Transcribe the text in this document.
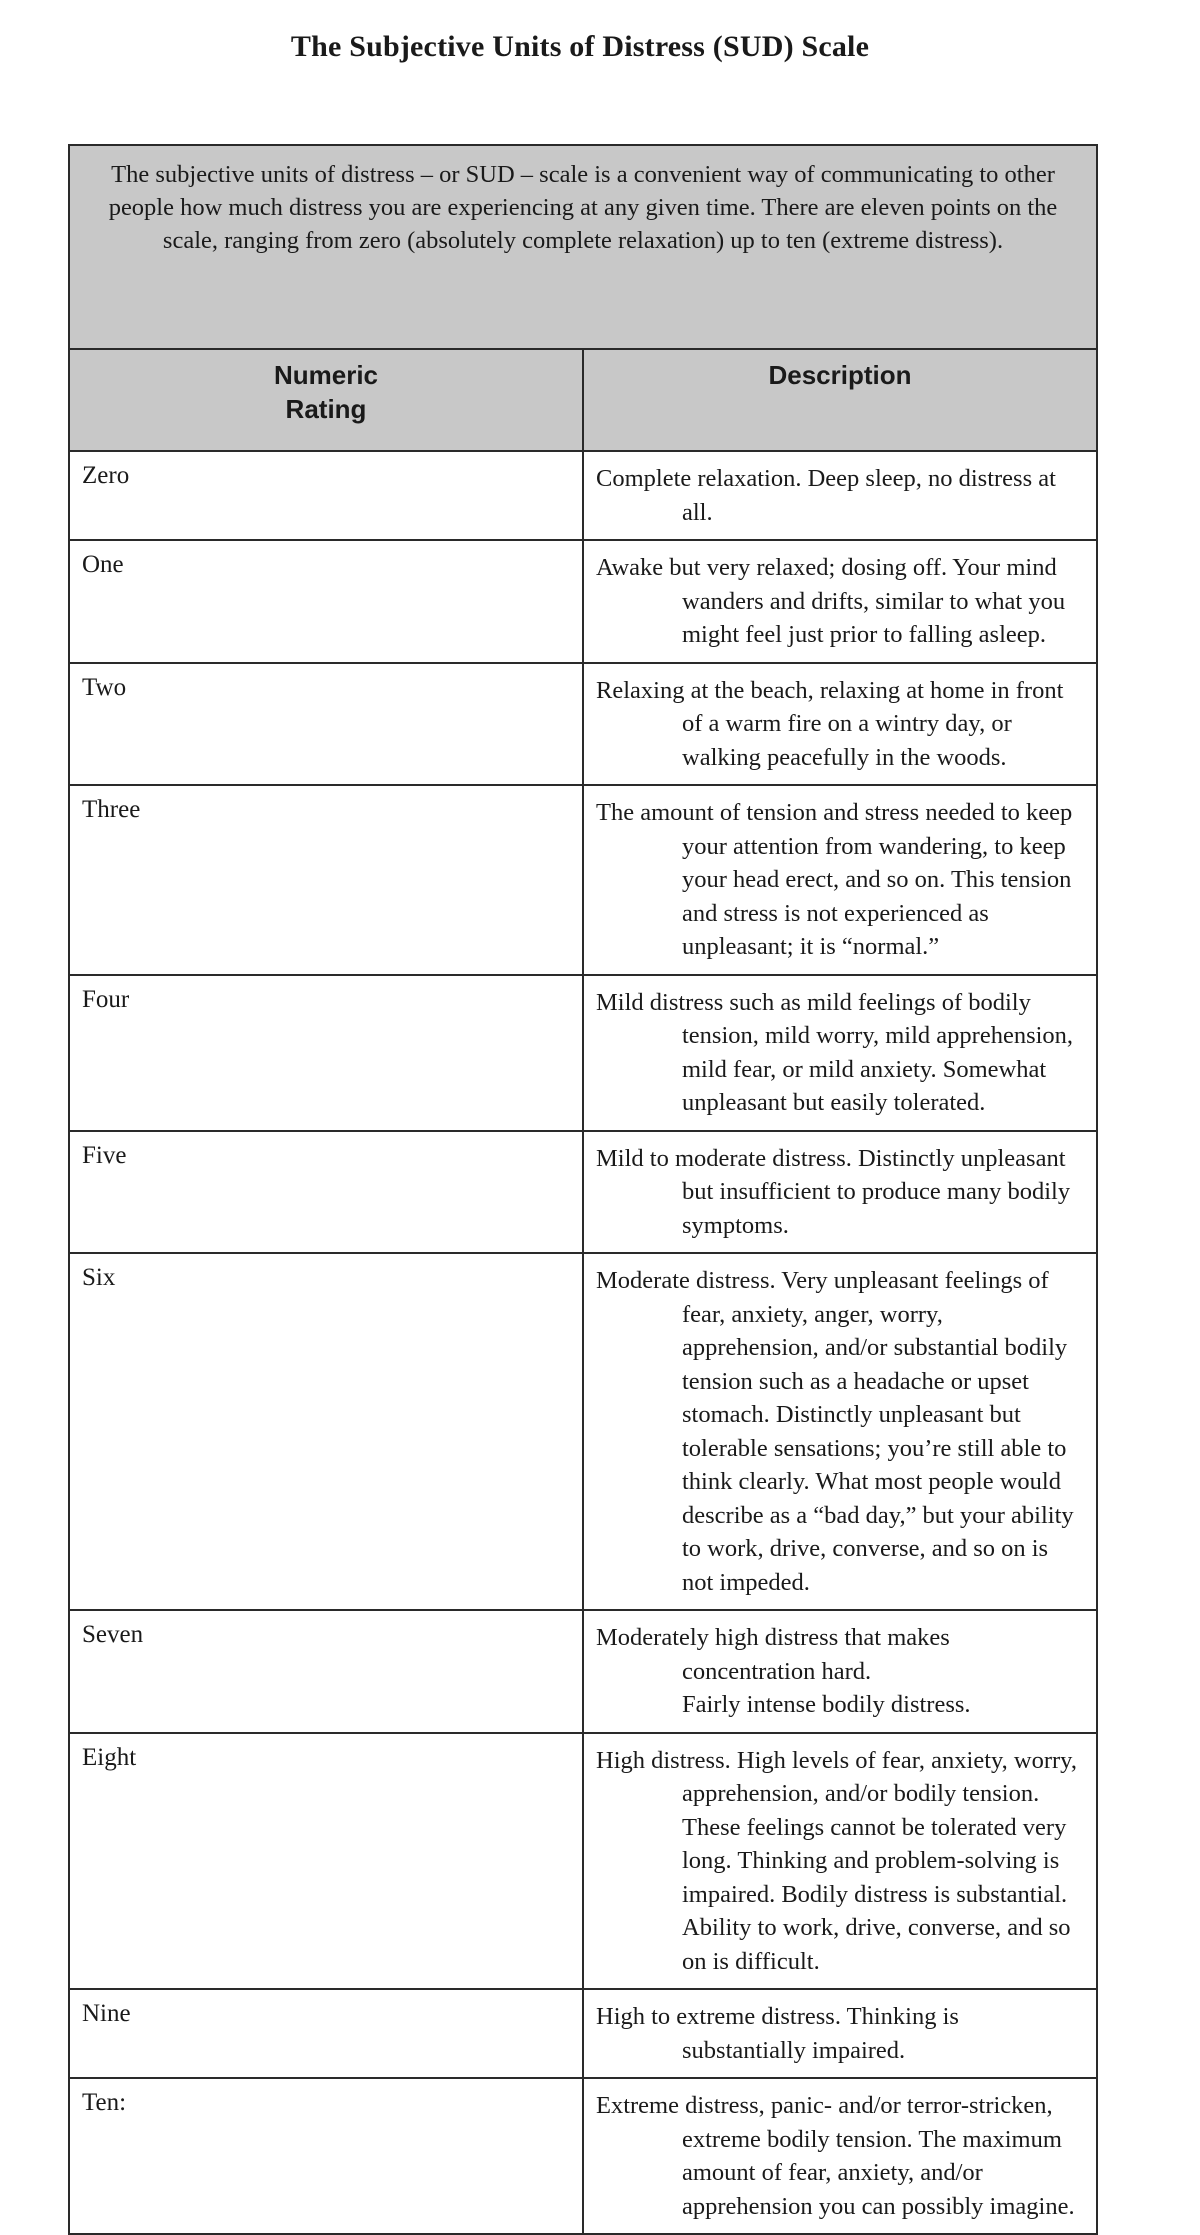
The Subjective Units of Distress (SUD) Scale
The subjective units of distress – or SUD – scale is a convenient way of communicating to other people how much distress you are experiencing at any given time. There are eleven points on the scale, ranging from zero (absolutely complete relaxation) up to ten (extreme distress).	

Numeric
Rating	Description
Zero	Complete relaxation. Deep sleep, no distress at all.

One	Awake but very relaxed; dosing off. Your mind wanders and drifts, similar to what you might feel just prior to falling asleep.

Two	Relaxing at the beach, relaxing at home in front of a warm fire on a wintry day, or walking peacefully in the woods.

Three	The amount of tension and stress needed to keep your attention from wandering, to keep your head erect, and so on. This tension and stress is not experienced as unpleasant; it is “normal.”

Four	Mild distress such as mild feelings of bodily tension, mild worry, mild apprehension, mild fear, or mild anxiety. Somewhat unpleasant but easily tolerated.

Five	Mild to moderate distress. Distinctly unpleasant but insufficient to produce many bodily symptoms.

Six	Moderate distress. Very unpleasant feelings of fear, anxiety, anger, worry, apprehension, and/or substantial bodily tension such as a headache or upset stomach. Distinctly unpleasant but tolerable sensations; you’re still able to think clearly. What most people would describe as a “bad day,” but your ability to work, drive, converse, and so on is not impeded.

Seven	Moderately high distress that makes concentration hard.
Fairly intense bodily distress.

Eight	High distress. High levels of fear, anxiety, worry, apprehension, and/or bodily tension. These feelings cannot be tolerated very long. Thinking and problem-solving is impaired. Bodily distress is substantial. Ability to work, drive, converse, and so on is difficult.

Nine	High to extreme distress. Thinking is substantially impaired.

Ten:	Extreme distress, panic- and/or terror-stricken, extreme bodily tension. The maximum amount of fear, anxiety, and/or apprehension you can possibly imagine.
